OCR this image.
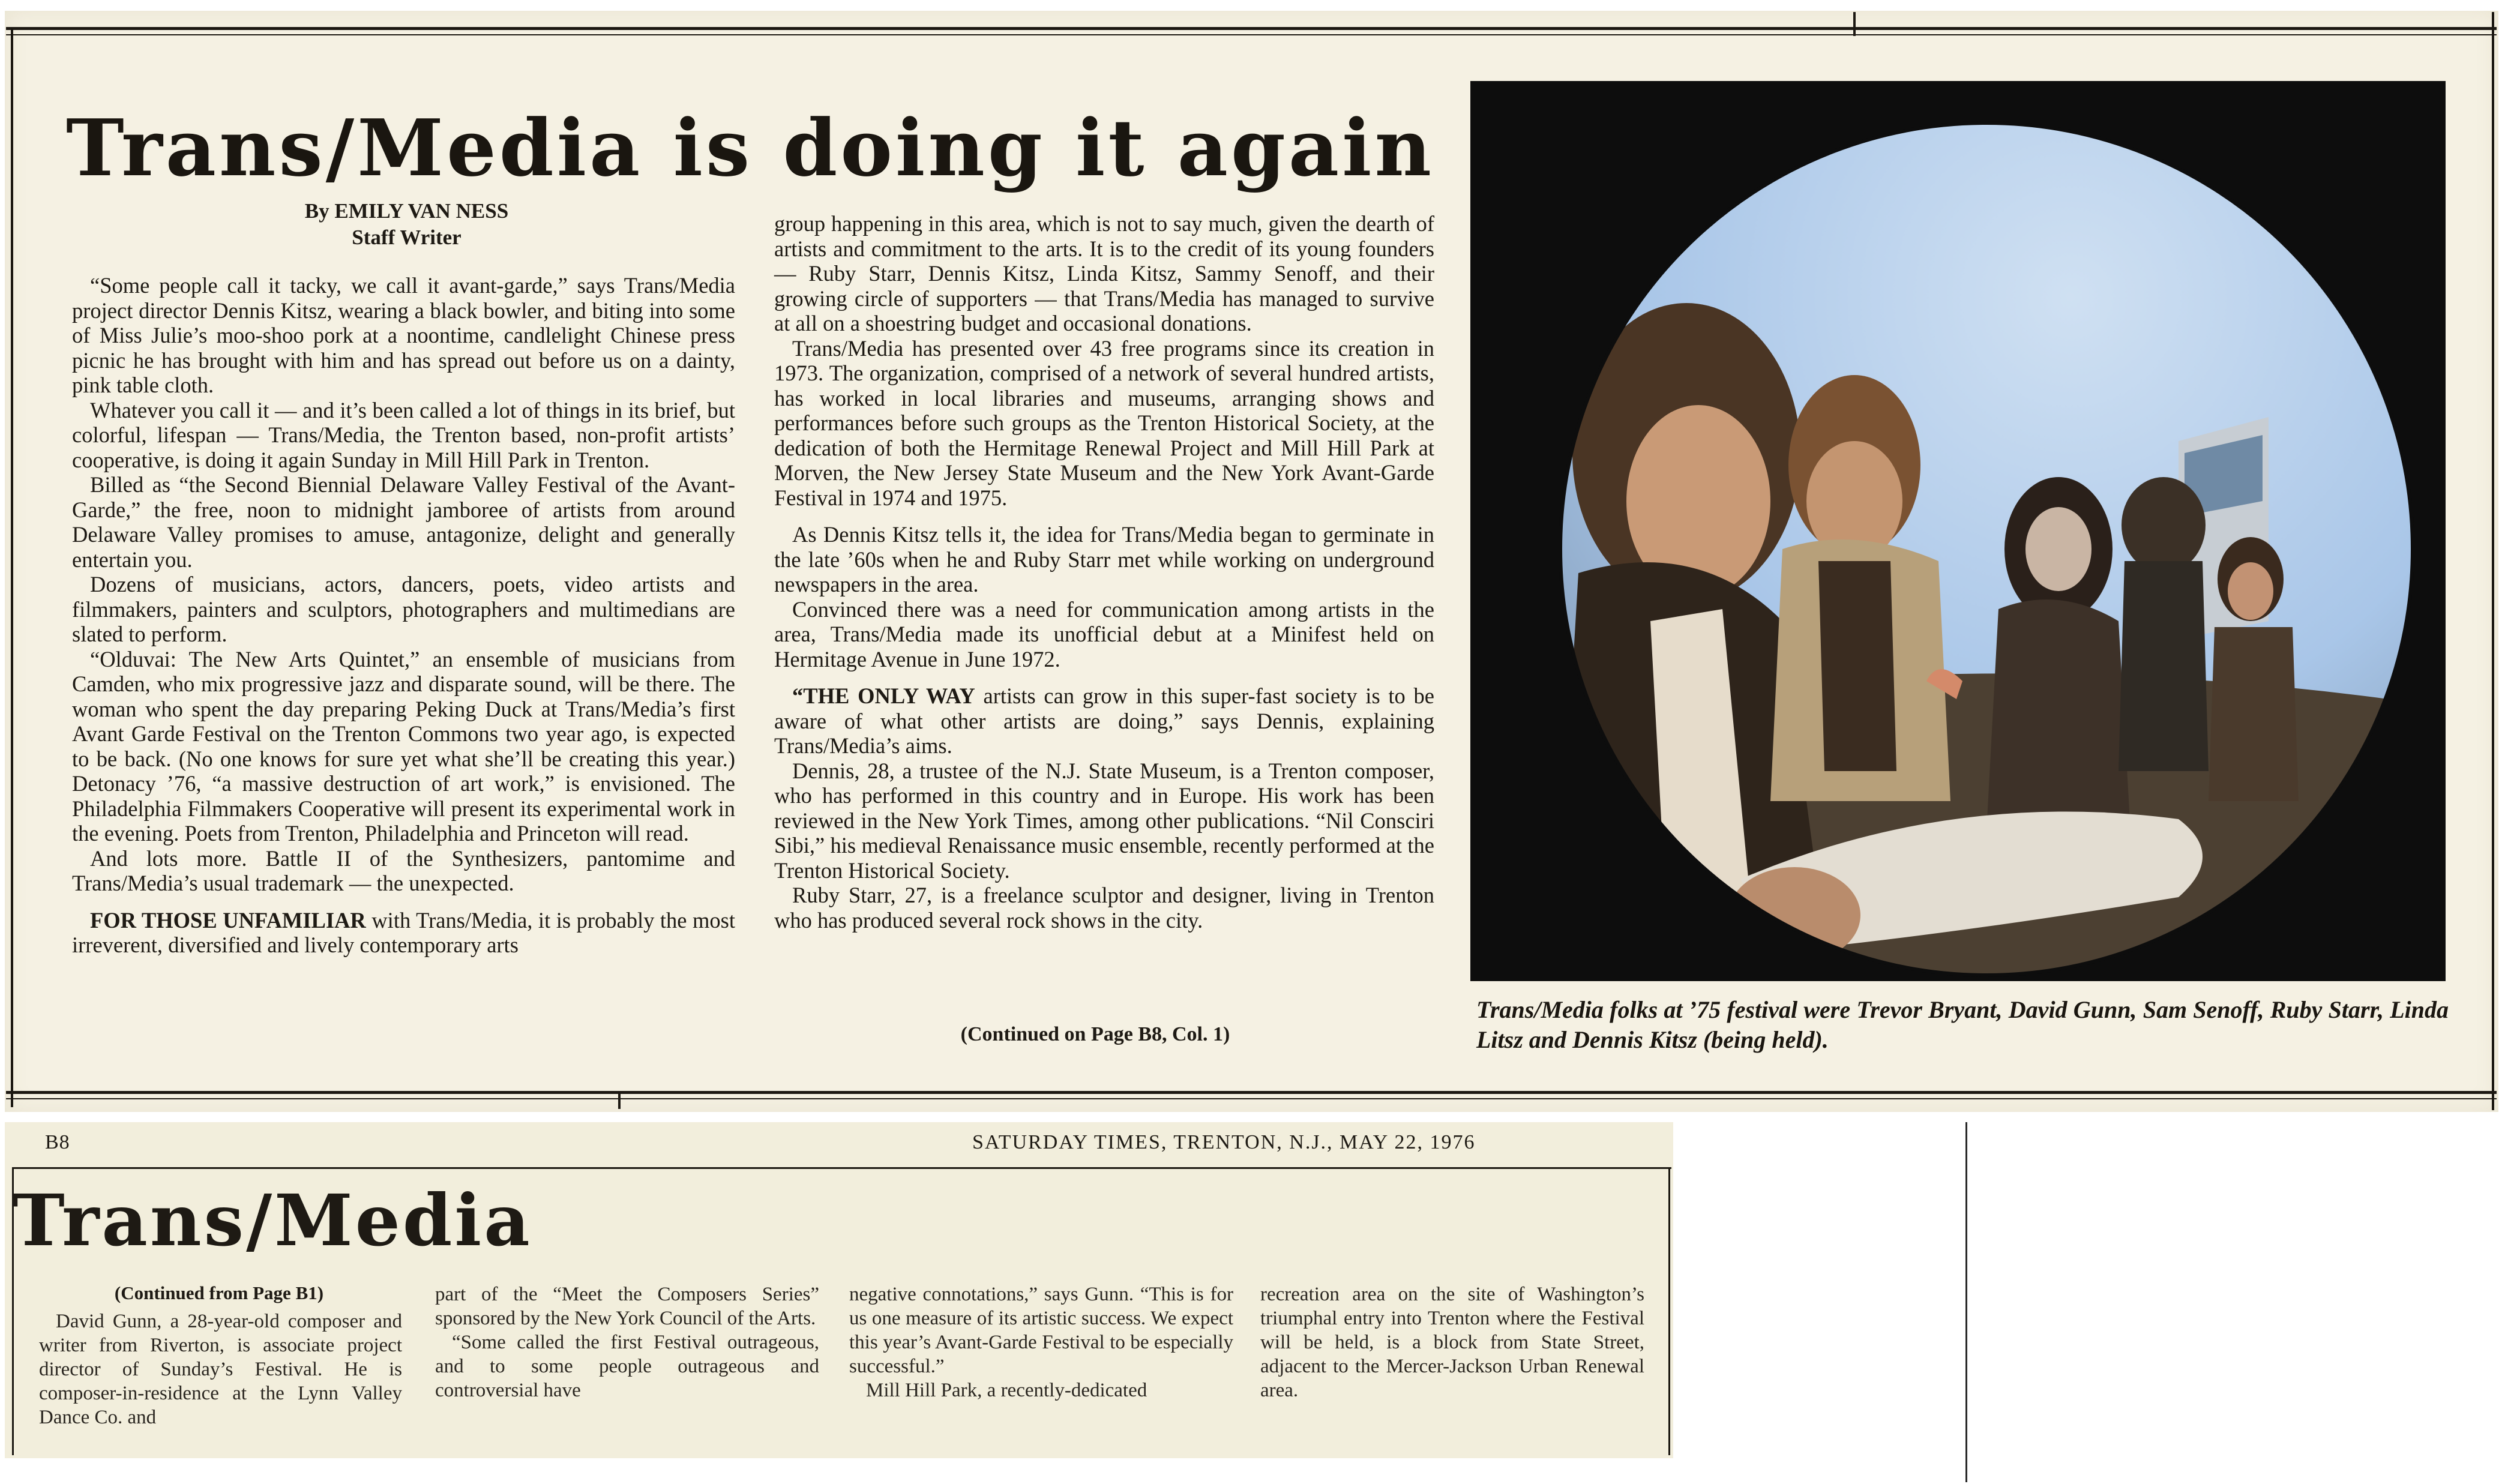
Trans/Media is doing it again
By EMILY VAN NESS
Staff Writer

“Some people call it tacky, we call it avant-garde,” says Trans/Media project director Dennis Kitsz, wearing a black bowler, and biting into some of Miss Julie’s moo-shoo pork at a noontime, candlelight Chinese press picnic he has brought with him and has spread out before us on a dainty, pink table cloth.

Whatever you call it — and it’s been called a lot of things in its brief, but colorful, lifespan — Trans/Media, the Trenton based, non-profit artists’ cooperative, is doing it again Sunday in Mill Hill Park in Trenton.

Billed as “the Second Biennial Delaware Valley Festival of the Avant-Garde,” the free, noon to midnight jamboree of artists from around Delaware Valley promises to amuse, antagonize, delight and generally entertain you.

Dozens of musicians, actors, dancers, poets, video artists and filmmakers, painters and sculptors, photographers and multimedians are slated to perform.

“Olduvai: The New Arts Quintet,” an ensemble of musicians from Camden, who mix progressive jazz and disparate sound, will be there. The woman who spent the day preparing Peking Duck at Trans/Media’s first Avant Garde Festival on the Trenton Commons two year ago, is expected to be back. (No one knows for sure yet what she’ll be creating this year.) Detonacy ’76, “a massive destruction of art work,” is envisioned. The Philadelphia Filmmakers Cooperative will present its experimental work in the evening. Poets from Trenton, Philadelphia and Princeton will read.

And lots more. Battle II of the Synthesizers, pantomime and Trans/Media’s usual trademark — the unexpected.

FOR THOSE UNFAMILIAR with Trans/Media, it is probably the most irreverent, diversified and lively contemporary arts

group happening in this area, which is not to say much, given the dearth of artists and commitment to the arts. It is to the credit of its young founders — Ruby Starr, Dennis Kitsz, Linda Kitsz, Sammy Senoff, and their growing circle of supporters — that Trans/Media has managed to survive at all on a shoestring budget and occasional donations.

Trans/Media has presented over 43 free programs since its creation in 1973. The organization, comprised of a network of several hundred artists, has worked in local libraries and museums, arranging shows and performances before such groups as the Trenton Historical Society, at the dedication of both the Hermitage Renewal Project and Mill Hill Park at Morven, the New Jersey State Museum and the New York Avant-Garde Festival in 1974 and 1975.

As Dennis Kitsz tells it, the idea for Trans/Media began to germinate in the late ’60s when he and Ruby Starr met while working on underground newspapers in the area.

Convinced there was a need for communication among artists in the area, Trans/Media made its unofficial debut at a Minifest held on Hermitage Avenue in June 1972.

“THE ONLY WAY artists can grow in this super-fast society is to be aware of what other artists are doing,” says Dennis, explaining Trans/Media’s aims.

Dennis, 28, a trustee of the N.J. State Museum, is a Trenton composer, who has performed in this country and in Europe. His work has been reviewed in the New York Times, among other publications. “Nil Consciri Sibi,” his medieval Renaissance music ensemble, recently performed at the Trenton Historical Society.

Ruby Starr, 27, is a freelance sculptor and designer, living in Trenton who has produced several rock shows in the city.

(Continued on Page B8, Col. 1)
Trans/Media folks at ’75 festival were Trevor Bryant, David Gunn, Sam Senoff, Ruby Starr, Linda Litsz and Dennis Kitsz (being held).
B8	SATURDAY TIMES, TRENTON, N.J., MAY 22, 1976
Trans/Media
(Continued from Page B1)

David Gunn, a 28-year-old composer and writer from Riverton, is associate project director of Sunday’s Festival. He is composer-in-residence at the Lynn Valley Dance Co. and

part of the “Meet the Composers Series” sponsored by the New York Council of the Arts.

“Some called the first Festival outrageous, and to some people outrageous and controversial have

negative connotations,” says Gunn. “This is for us one measure of its artistic success. We expect this year’s Avant-Garde Festival to be especially successful.”

Mill Hill Park, a recently-dedicated

recreation area on the site of Washington’s triumphal entry into Trenton where the Festival will be held, is a block from State Street, adjacent to the Mercer-Jackson Urban Renewal area.
